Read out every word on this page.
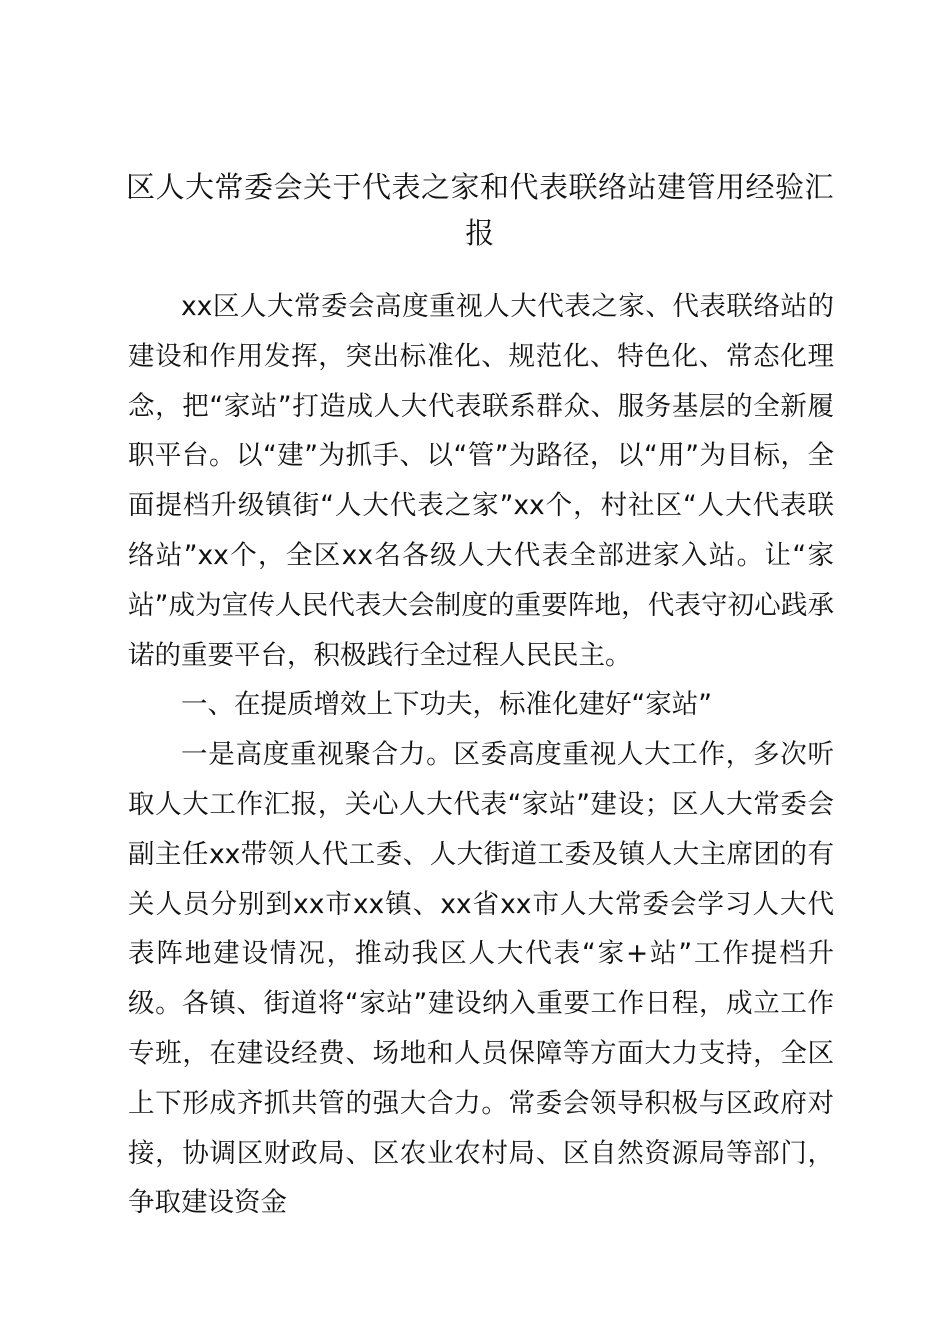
区人大常委会关于代表之家和代表联络站建管用经验汇报

xx区人大常委会高度重视人大代表之家、代表联络站的建设和作用发挥，突出标准化、规范化、特色化、常态化理念，把“家站”打造成人大代表联系群众、服务基层的全新履职平台。以“建”为抓手、以“管”为路径，以“用”为目标，全面提档升级镇街“人大代表之家”xx个，村社区“人大代表联络站”xx个，全区xx名各级人大代表全部进家入站。让“家站”成为宣传人民代表大会制度的重要阵地，代表守初心践承诺的重要平台，积极践行全过程人民民主。

一、在提质增效上下功夫，标准化建好“家站”

一是高度重视聚合力。区委高度重视人大工作，多次听取人大工作汇报，关心人大代表“家站”建设；区人大常委会副主任xx带领人代工委、人大街道工委及镇人大主席团的有关人员分别到xx市xx镇、xx省xx市人大常委会学习人大代表阵地建设情况，推动我区人大代表“家+站”工作提档升级。各镇、街道将“家站”建设纳入重要工作日程，成立工作专班，在建设经费、场地和人员保障等方面大力支持，全区上下形成齐抓共管的强大合力。常委会领导积极与区政府对接，协调区财政局、区农业农村局、区自然资源局等部门，争取建设资金
